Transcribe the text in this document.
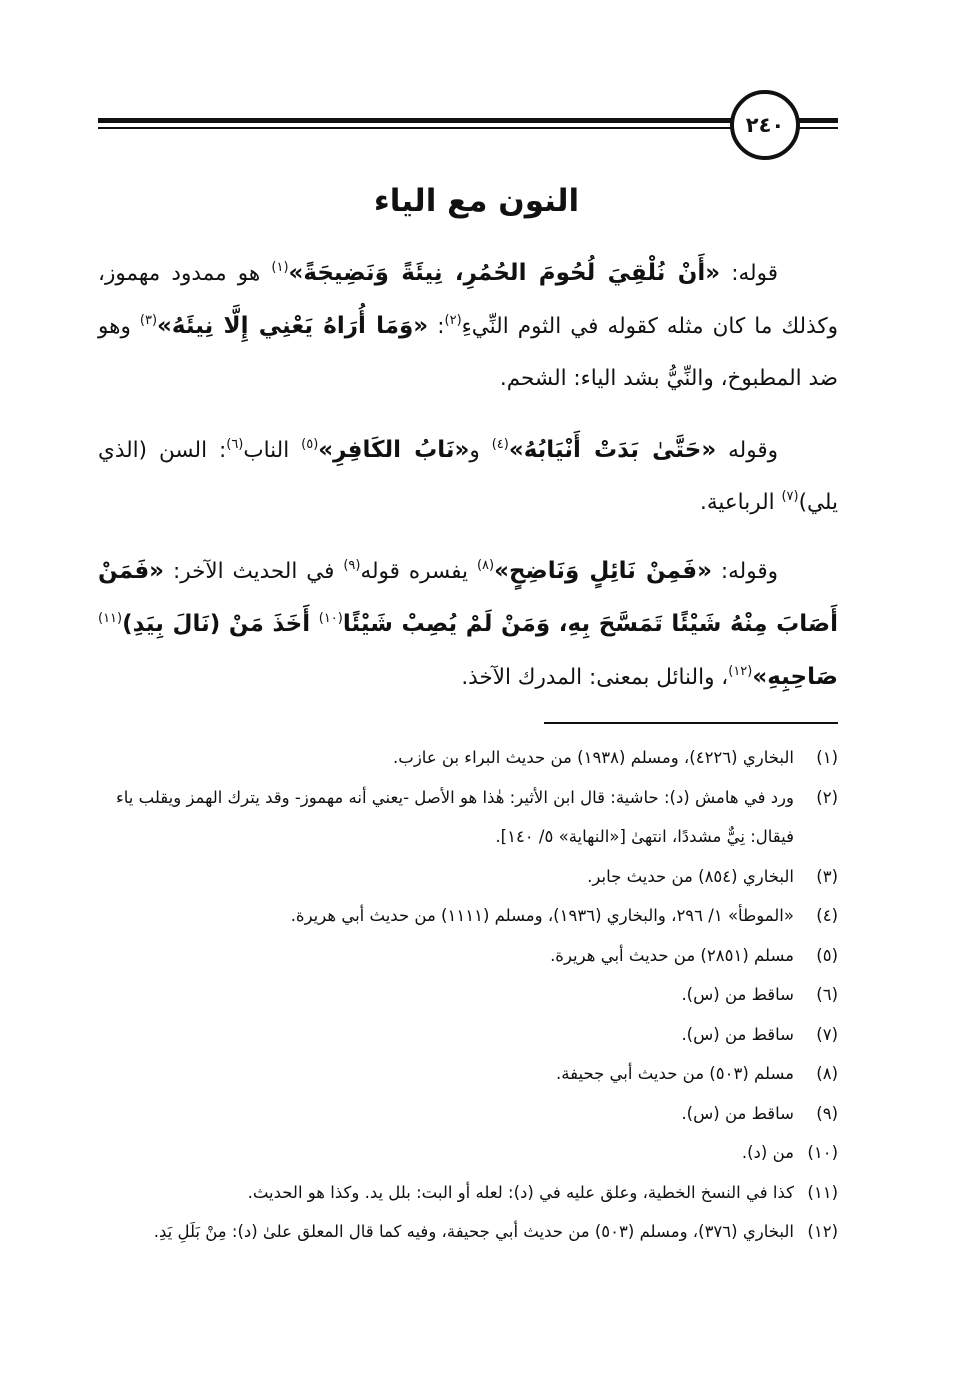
٢٤٠
النون مع الياء

قوله: «أَنْ نُلْقِيَ لُحُومَ الحُمُرِ، نِيئَةً وَنَضِيجَةً»$^{(١)}$ هو ممدود مهموز، وكذلك ما كان مثله كقوله في الثوم النِّيءِ$^{(٢)}$: «وَمَا أُرَاهُ يَعْنِي إِلَّا نِيئَهُ»$^{(٣)}$ وهو ضد المطبوخ، والنِّيُّ بشد الياء: الشحم.

وقوله «حَتَّىٰ بَدَتْ أَنْيَابُهُ»$^{(٤)}$ و«نَابُ الكَافِرِ»$^{(٥)}$ الناب$^{(٦)}$: السن (الذي يلي)$^{(٧)}$ الرباعية.

وقوله: «فَمِنْ نَائِلٍ وَنَاضِحٍ»$^{(٨)}$ يفسره قوله$^{(٩)}$ في الحديث الآخر: «فَمَنْ أَصَابَ مِنْهُ شَيْئًا تَمَسَّحَ بِهِ، وَمَنْ لَمْ يُصِبْ شَيْئًا$^{(١٠)}$ أَخَذَ مَنْ (نَالَ بِيَدِ)$^{(١١)}$ صَاحِبِهِ»$^{(١٢)}$، والنائل بمعنى: المدرك الآخذ.

(١)
البخاري (٤٢٢٦)، ومسلم (١٩٣٨) من حديث البراء بن عازب.
(٢)
ورد في هامش (د): حاشية: قال ابن الأثير: هٰذا هو الأصل -يعني أنه مهموز- وقد يترك الهمز ويقلب ياء فيقال: نِيٌّ مشددًا، انتهىٰ [«النهاية» ٥/ ١٤٠].
(٣)
البخاري (٨٥٤) من حديث جابر.
(٤)
«الموطأ» ١/ ٢٩٦، والبخاري (١٩٣٦)، ومسلم (١١١١) من حديث أبي هريرة.
(٥)
مسلم (٢٨٥١) من حديث أبي هريرة.
(٦)
ساقط من (س).
(٧)
ساقط من (س).
(٨)
مسلم (٥٠٣) من حديث أبي جحيفة.
(٩)
ساقط من (س).
(١٠)
من (د).
(١١)
كذا في النسخ الخطية، وعلق عليه في (د): لعله أو البت: بلل يد. وكذا هو الحديث.
(١٢)
البخاري (٣٧٦)، ومسلم (٥٠٣) من حديث أبي جحيفة، وفيه كما قال المعلق علىٰ (د): مِنْ بَلَلِ يَدِ.
